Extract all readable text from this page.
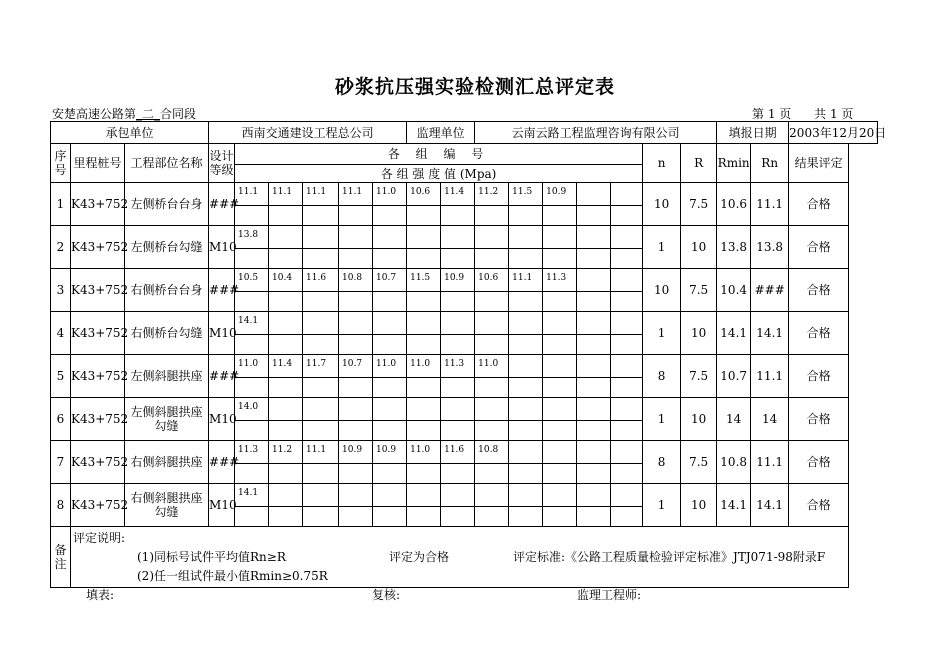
砂浆抗压强实验检测汇总评定表
安楚高速公路第_二_合同段	第 1 页 共 1 页
承包单位			西南交通建设工程总公司						监理单位		云南云路工程监理咨询有限公司							填报日期		2003年12月20日
序号	里程桩号	工程部位名称	设计等级	各 组 编 号												n	R	Rmin	Rn	结果评定
				各 组 强 度 值 (Mpa)																
1	K43+752	左侧桥台台身	###	11.1	11.1	11.1	11.1	11.0	10.6	11.4	11.2	11.5	10.9			10	7.5	10.6	11.1	合格

2	K43+752	左侧桥台勾缝	M10	13.8												1	10	13.8	13.8	合格

3	K43+752	右侧桥台台身	###	10.5	10.4	11.6	10.8	10.7	11.5	10.9	10.6	11.1	11.3			10	7.5	10.4	###	合格

4	K43+752	右侧桥台勾缝	M10	14.1												1	10	14.1	14.1	合格

5	K43+752	左侧斜腿拱座	###	11.0	11.4	11.7	10.7	11.0	11.0	11.3	11.0					8	7.5	10.7	11.1	合格

6	K43+752	左侧斜腿拱座勾缝	M10	14.0												1	10	14	14	合格

7	K43+752	右侧斜腿拱座	###	11.3	11.2	11.1	10.9	10.9	11.0	11.6	10.8					8	7.5	10.8	11.1	合格

8	K43+752	右侧斜腿拱座勾缝	M10	14.1												1	10	14.1	14.1	合格

备注	评定说明:
(1)同标号试件平均值Rn≥R
(2)任一组试件最小值Rmin≥0.75R
评定为合格 评定标准:《公路工程质量检验评定标准》JTJ071-98附录F																			
填表:	复核:	监理工程师:
